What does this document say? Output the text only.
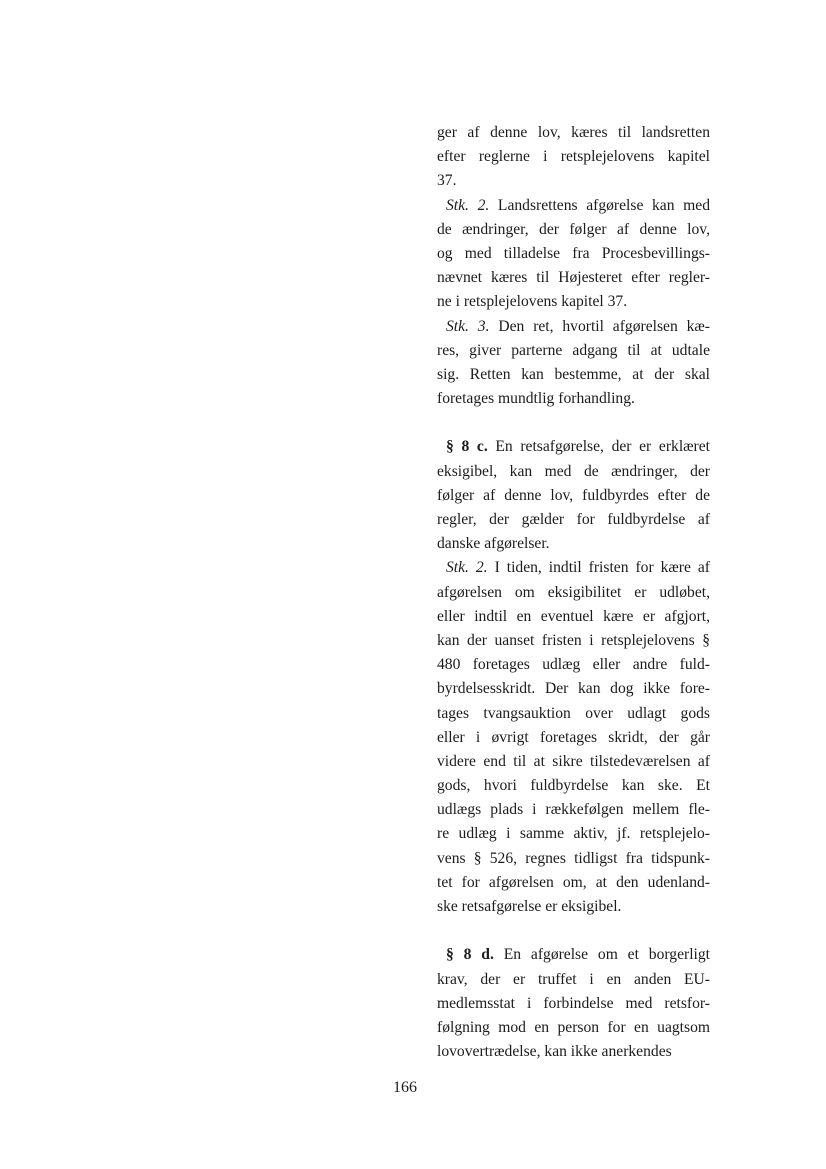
ger af denne lov, kæres til landsretten
efter reglerne i retsplejelovens kapitel
37.
Stk. 2. Landsrettens afgørelse kan med
de ændringer, der følger af denne lov,
og med tilladelse fra Procesbevillings-
nævnet kæres til Højesteret efter regler-
ne i retsplejelovens kapitel 37.
Stk. 3. Den ret, hvortil afgørelsen kæ-
res, giver parterne adgang til at udtale
sig. Retten kan bestemme, at der skal
foretages mundtlig forhandling.
§ 8 c. En retsafgørelse, der er erklæret
eksigibel, kan med de ændringer, der
følger af denne lov, fuldbyrdes efter de
regler, der gælder for fuldbyrdelse af
danske afgørelser.
Stk. 2. I tiden, indtil fristen for kære af
afgørelsen om eksigibilitet er udløbet,
eller indtil en eventuel kære er afgjort,
kan der uanset fristen i retsplejelovens §
480 foretages udlæg eller andre fuld-
byrdelsesskridt. Der kan dog ikke fore-
tages tvangsauktion over udlagt gods
eller i øvrigt foretages skridt, der går
videre end til at sikre tilstedeværelsen af
gods, hvori fuldbyrdelse kan ske. Et
udlægs plads i rækkefølgen mellem fle-
re udlæg i samme aktiv, jf. retsplejelo-
vens § 526, regnes tidligst fra tidspunk-
tet for afgørelsen om, at den udenland-
ske retsafgørelse er eksigibel.
§ 8 d. En afgørelse om et borgerligt
krav, der er truffet i en anden EU-
medlemsstat i forbindelse med retsfor-
følgning mod en person for en uagtsom
lovovertrædelse, kan ikke anerkendes
166
